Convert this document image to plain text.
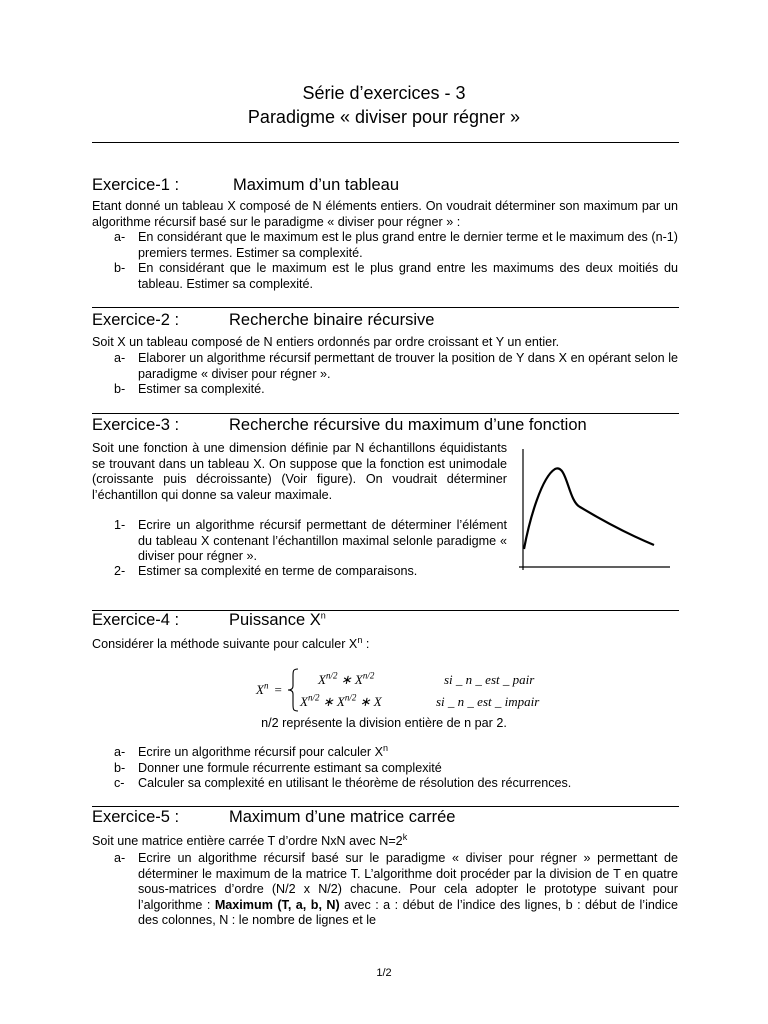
Série d’exercices - 3
Paradigme « diviser pour régner »
Exercice-1 :	Maximum d’un tableau
Etant donné un tableau X composé de N éléments entiers. On voudrait déterminer son maximum par un algorithme récursif basé sur le paradigme « diviser pour régner » :
a- En considérant que le maximum est le plus grand entre le dernier terme et le maximum des (n-1) premiers termes. Estimer sa complexité.
b- En considérant que le maximum est le plus grand entre les maximums des deux moitiés du tableau. Estimer sa complexité.
Exercice-2 :	Recherche binaire récursive
Soit X un tableau composé de N entiers ordonnés par ordre croissant et Y un entier.
a- Elaborer un algorithme récursif permettant de trouver la position de Y dans X en opérant selon le paradigme « diviser pour régner ».
b- Estimer sa complexité.
Exercice-3 :	Recherche récursive du maximum d’une fonction
Soit une fonction à une dimension définie par N échantillons équidistants se trouvant dans un tableau X. On suppose que la fonction est unimodale (croissante puis décroissante) (Voir figure). On voudrait déterminer l’échantillon qui donne sa valeur maximale.
1- Ecrire un algorithme récursif permettant de déterminer l’élément du tableau X contenant l’échantillon maximal selonle paradigme « diviser pour régner ».
2- Estimer sa complexité en terme de comparaisons.
Exercice-4 :	Puissance $X^n$
Considérer la méthode suivante pour calculer $X^n$ :
$X^n$ =
$X^{n/2}$ ∗ $X^{n/2}$	si _ n _ est _ pair
$X^{n/2}$ ∗ $X^{n/2}$ ∗ X	si _ n _ est _ impair
n/2 représente la division entière de n par 2.
a- Ecrire un algorithme récursif pour calculer $X^n$
b- Donner une formule récurrente estimant sa complexité
c- Calculer sa complexité en utilisant le théorème de résolution des récurrences.
Exercice-5 :	Maximum d’une matrice carrée
Soit une matrice entière carrée T d’ordre NxN avec $N=2^k$
a- Ecrire un algorithme récursif basé sur le paradigme « diviser pour régner » permettant de déterminer le maximum de la matrice T. L’algorithme doit procéder par la division de T en quatre sous-matrices d’ordre (N/2 x N/2) chacune. Pour cela adopter le prototype suivant pour l’algorithme : Maximum (T, a, b, N) avec : a : début de l’indice des lignes, b : début de l’indice des colonnes, N : le nombre de lignes et le
1/2
